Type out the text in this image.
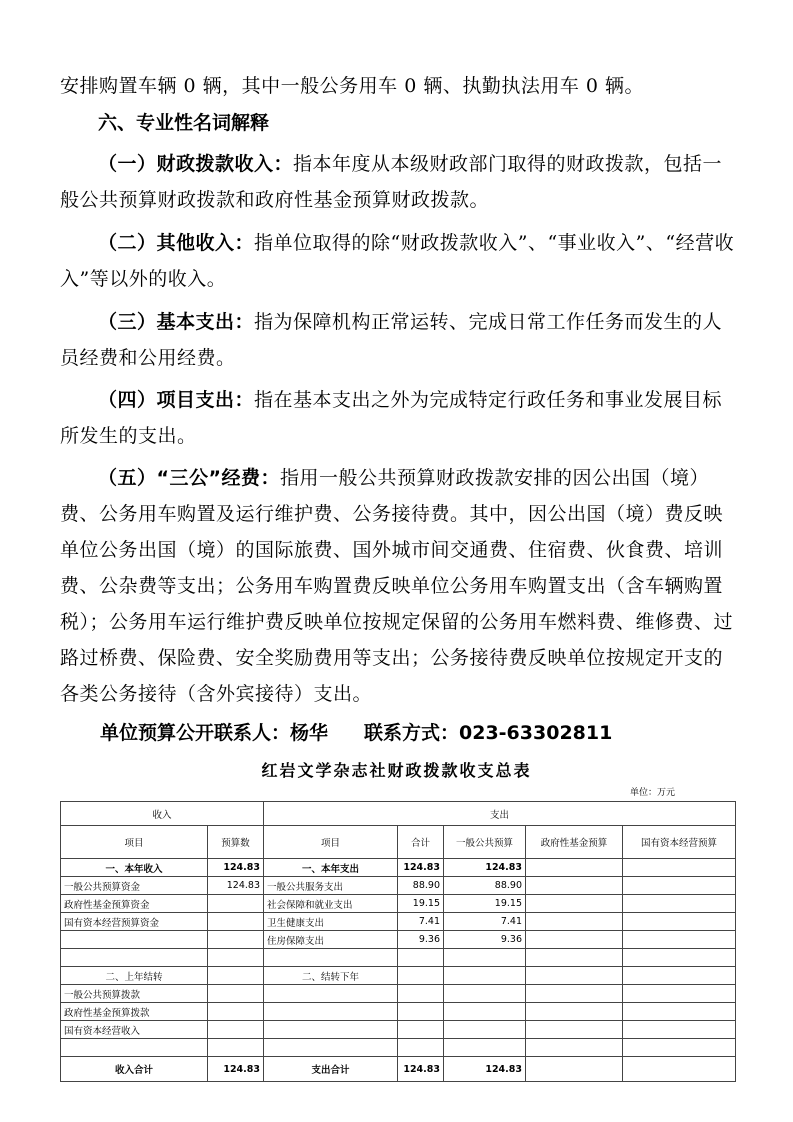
安排购置车辆 0 辆，其中一般公务用车 0 辆、执勤执法用车 0 辆。

六、专业性名词解释

（一）财政拨款收入：指本年度从本级财政部门取得的财政拨款，包括一般公共预算财政拨款和政府性基金预算财政拨款。

（二）其他收入：指单位取得的除“财政拨款收入”、“事业收入”、“经营收入”等以外的收入。

（三）基本支出：指为保障机构正常运转、完成日常工作任务而发生的人员经费和公用经费。

（四）项目支出：指在基本支出之外为完成特定行政任务和事业发展目标所发生的支出。

（五）“三公”经费：指用一般公共预算财政拨款安排的因公出国（境）费、公务用车购置及运行维护费、公务接待费。其中，因公出国（境）费反映单位公务出国（境）的国际旅费、国外城市间交通费、住宿费、伙食费、培训费、公杂费等支出；公务用车购置费反映单位公务用车购置支出（含车辆购置税）；公务用车运行维护费反映单位按规定保留的公务用车燃料费、维修费、过路过桥费、保险费、安全奖励费用等支出；公务接待费反映单位按规定开支的各类公务接待（含外宾接待）支出。

单位预算公开联系人：杨华 联系方式：023-63302811
红岩文学杂志社财政拨款收支总表
单位：万元
收入		支出				
项目	预算数	项目	合计	一般公共预算	政府性基金预算	国有资本经营预算
一、本年收入	124.83	一、本年支出	124.83	124.83		
一般公共预算资金	124.83	一般公共服务支出	88.90	88.90		
政府性基金预算资金		社会保障和就业支出	19.15	19.15		
国有资本经营预算资金		卫生健康支出	7.41	7.41		
		住房保障支出	9.36	9.36		

二、上年结转		二、结转下年				
一般公共预算拨款						
政府性基金预算拨款						
国有资本经营收入						

收入合计	124.83	支出合计	124.83	124.83		
